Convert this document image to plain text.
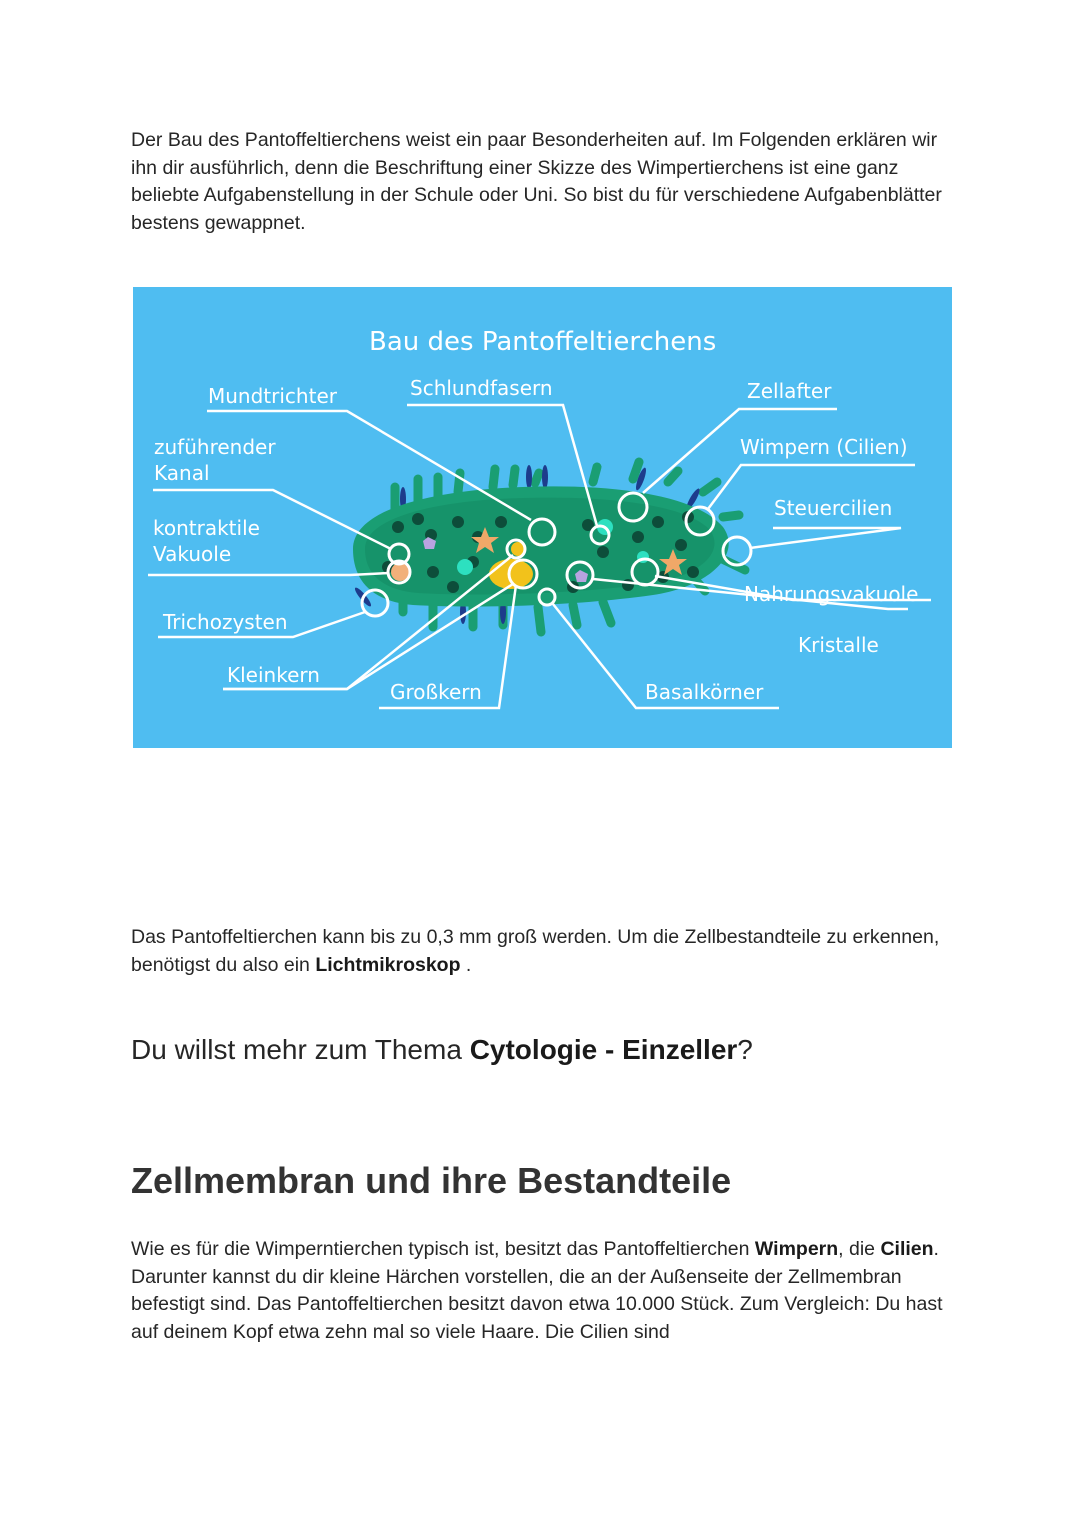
Der Bau des Pantoffeltierchens weist ein paar Besonderheiten auf. Im Folgenden erklären wir ihn dir ausführlich, denn die Beschriftung einer Skizze des Wimpertierchens ist eine ganz beliebte Aufgabenstellung in der Schule oder Uni. So bist du für verschiedene Aufgabenblätter bestens gewappnet.

Bau des Pantoffeltierchens
Mundtrichter	Schlundfasern	Zellafter
zuführender
Kanal
Wimpern (Cilien)
Steuercilien
kontraktile
Vakuole
Nahrungsvakuole
Trichozysten
Kristalle
Kleinkern
Großkern	Basalkörner

Das Pantoffeltierchen kann bis zu 0,3 mm groß werden. Um die Zellbestandteile zu erkennen, benötigst du also ein Lichtmikroskop .

Du willst mehr zum Thema Cytologie - Einzeller?
Zellmembran und ihre Bestandteile

Wie es für die Wimperntierchen typisch ist, besitzt das Pantoffeltierchen Wimpern, die Cilien. Darunter kannst du dir kleine Härchen vorstellen, die an der Außenseite der Zellmembran befestigt sind. Das Pantoffeltierchen besitzt davon etwa 10.000 Stück. Zum Vergleich: Du hast auf deinem Kopf etwa zehn mal so viele Haare. Die Cilien sind
